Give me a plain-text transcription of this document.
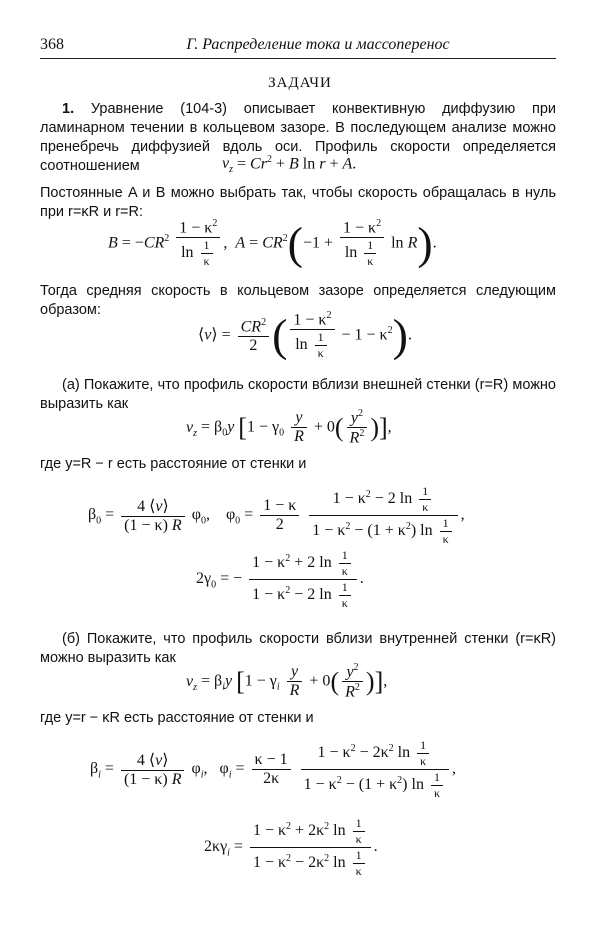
368	Г. Распределение тока и массоперенос
ЗАДАЧИ
1. Уравнение (104-3) описывает конвективную диффузию при ламинарном течении в кольцевом зазоре. В последующем анализе можно пренебречь диффузией вдоль оси. Профиль скорости определяется соотношением	$v_z = Cr^2 + B$ ln r + A.
Постоянные A и B можно выбрать так, чтобы скорость обращалась в нуль при r=κR и r=R:
$B = -CR^2 \frac{1 - \kappa^2}{\ln \frac{1}{\kappa}}$ ,  $A = CR^2(-1 + \frac{1 - \kappa^2}{\ln \frac{1}{\kappa}}$ ln R).
Тогда средняя скорость в кольцевом зазоре определяется следующим образом:
⟨v⟩ = $\frac{CR^2}{2}$ ( $\frac{1 - \kappa^2}{\ln \frac{1}{\kappa}} - 1 - \kappa^2$).
(а) Покажите, что профиль скорости вблизи внешней стенки (r=R) можно выразить как
$v_z = \beta_0y$ [$1 - \gamma_0 \frac{y}{R} + 0( \frac{y^2}{R^2}$ )],
где y=R − r есть расстояние от стенки и
$\beta_0 = \frac{4 ⟨v⟩}{(1 - \kappa) R} \varphi_0$,    $\varphi_0 = \frac{1 - \kappa}{2}$
$\frac{1 - \kappa^2 - 2 \ln \frac{1}{\kappa}}{1 - \kappa^2 - (1 + \kappa^2) \ln \frac{1}{\kappa}}$ ,
$2\gamma_0$ = − $\frac{1 - \kappa^2 + 2 \ln \frac{1}{\kappa}}{1 - \kappa^2 - 2 \ln \frac{1}{\kappa}}$ .
(б) Покажите, что профиль скорости вблизи внутренней стенки (r=κR) можно выразить как
$v_z = \beta_iy$ [$1 - \gamma_i \frac{y}{R} + 0( \frac{y^2}{R^2}$ )],
где y=r − κR есть расстояние от стенки и
$\beta_i = \frac{4 ⟨v⟩}{(1 - \kappa) R} \varphi_i$,   $\varphi_i = \frac{\kappa - 1}{2\kappa}$
$\frac{1 - \kappa^2 - 2\kappa^2 \ln \frac{1}{\kappa}}{1 - \kappa^2 - (1 + \kappa^2) \ln \frac{1}{\kappa}}$ ,
$2\kappa\gamma_i = \frac{1 - \kappa^2 + 2\kappa^2 \ln \frac{1}{\kappa}}{1 - \kappa^2 - 2\kappa^2 \ln \frac{1}{\kappa}}$ .
